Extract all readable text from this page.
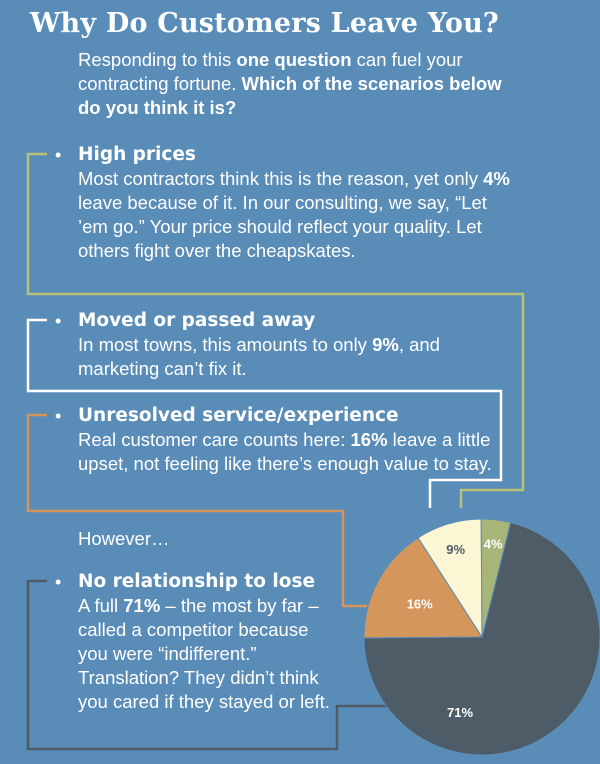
71%
16%
9% 4%
Why Do Customers Leave You?
Responding to this one question can fuel your contracting fortune. Which of the scenarios below do you think it is?
• High prices
Most contractors think this is the reason, yet only 4% leave because of it. In our consulting, we say, “Let ’em go.” Your price should reflect your quality. Let others fight over the cheapskates.
• Moved or passed away
In most towns, this amounts to only 9%, and marketing can’t fix it.
• Unresolved service/experience
Real customer care counts here: 16% leave a little upset, not feeling like there’s enough value to stay.
However…
• No relationship to lose
A full 71% – the most by far – called a competitor because you were “indifferent.” Translation? They didn’t think you cared if they stayed or left.
